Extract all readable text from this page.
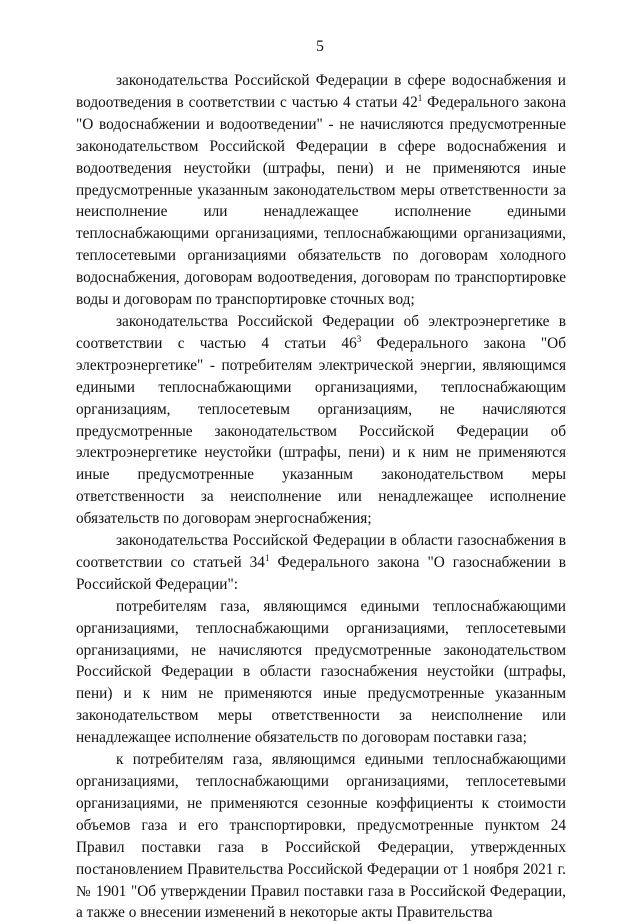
5

законодательства Российской Федерации в сфере водоснабжения и водоотведения в соответствии с частью 4 статьи $42^1$ Федерального закона "О водоснабжении и водоотведении" - не начисляются предусмотренные законодательством Российской Федерации в сфере водоснабжения и водоотведения неустойки (штрафы, пени) и не применяются иные предусмотренные указанным законодательством меры ответственности за неисполнение или ненадлежащее исполнение едиными теплоснабжающими организациями, теплоснабжающими организациями, теплосетевыми организациями обязательств по договорам холодного водоснабжения, договорам водоотведения, договорам по транспортировке воды и договорам по транспортировке сточных вод;

законодательства Российской Федерации об электроэнергетике в соответствии с частью 4 статьи $46^3$ Федерального закона "Об электроэнергетике" - потребителям электрической энергии, являющимся едиными теплоснабжающими организациями, теплоснабжающим организациям, теплосетевым организациям, не начисляются предусмотренные законодательством Российской Федерации об электроэнергетике неустойки (штрафы, пени) и к ним не применяются иные предусмотренные указанным законодательством меры ответственности за неисполнение или ненадлежащее исполнение обязательств по договорам энергоснабжения;

законодательства Российской Федерации в области газоснабжения в соответствии со статьей $34^1$ Федерального закона "О газоснабжении в Российской Федерации":

потребителям газа, являющимся едиными теплоснабжающими организациями, теплоснабжающими организациями, теплосетевыми организациями, не начисляются предусмотренные законодательством Российской Федерации в области газоснабжения неустойки (штрафы, пени) и к ним не применяются иные предусмотренные указанным законодательством меры ответственности за неисполнение или ненадлежащее исполнение обязательств по договорам поставки газа;

к потребителям газа, являющимся едиными теплоснабжающими организациями, теплоснабжающими организациями, теплосетевыми организациями, не применяются сезонные коэффициенты к стоимости объемов газа и его транспортировки, предусмотренные пунктом 24 Правил поставки газа в Российской Федерации, утвержденных постановлением Правительства Российской Федерации от 1 ноября 2021 г. № 1901 "Об утверждении Правил поставки газа в Российской Федерации, а также о внесении изменений в некоторые акты Правительства
